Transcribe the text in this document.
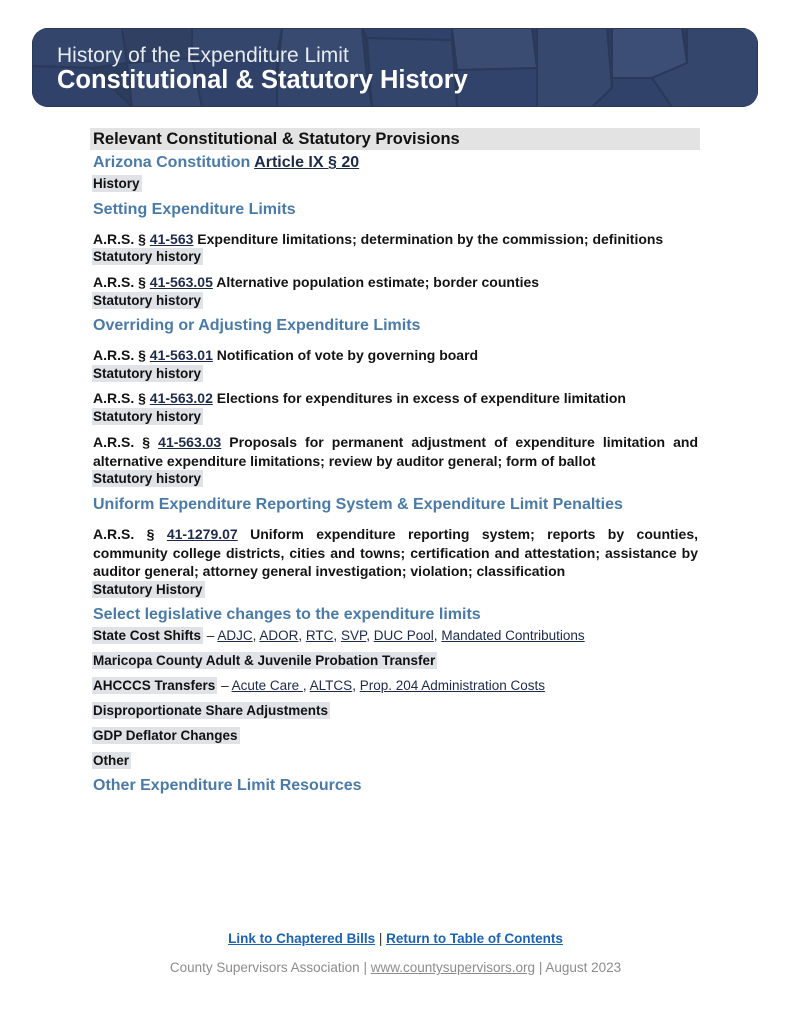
History of the Expenditure Limit
Constitutional & Statutory History
Relevant Constitutional & Statutory Provisions
Arizona Constitution Article IX § 20
History
Setting Expenditure Limits

A.R.S. § 41-563 Expenditure limitations; determination by the commission; definitions

Statutory history

A.R.S. § 41-563.05 Alternative population estimate; border counties

Statutory history
Overriding or Adjusting Expenditure Limits

A.R.S. § 41-563.01 Notification of vote by governing board

Statutory history

A.R.S. § 41-563.02 Elections for expenditures in excess of expenditure limitation

Statutory history

A.R.S. § 41-563.03 Proposals for permanent adjustment of expenditure limitation and alternative expenditure limitations; review by auditor general; form of ballot

Statutory history
Uniform Expenditure Reporting System & Expenditure Limit Penalties

A.R.S. § 41-1279.07 Uniform expenditure reporting system; reports by counties, community college districts, cities and towns; certification and attestation; assistance by auditor general; attorney general investigation; violation; classification

Statutory History
Select legislative changes to the expenditure limits
State Cost Shifts – ADJC, ADOR, RTC, SVP, DUC Pool, Mandated Contributions
Maricopa County Adult & Juvenile Probation Transfer
AHCCCS Transfers – Acute Care , ALTCS, Prop. 204 Administration Costs
Disproportionate Share Adjustments
GDP Deflator Changes
Other
Other Expenditure Limit Resources
Link to Chaptered Bills | Return to Table of Contents
County Supervisors Association | www.countysupervisors.org | August 2023
